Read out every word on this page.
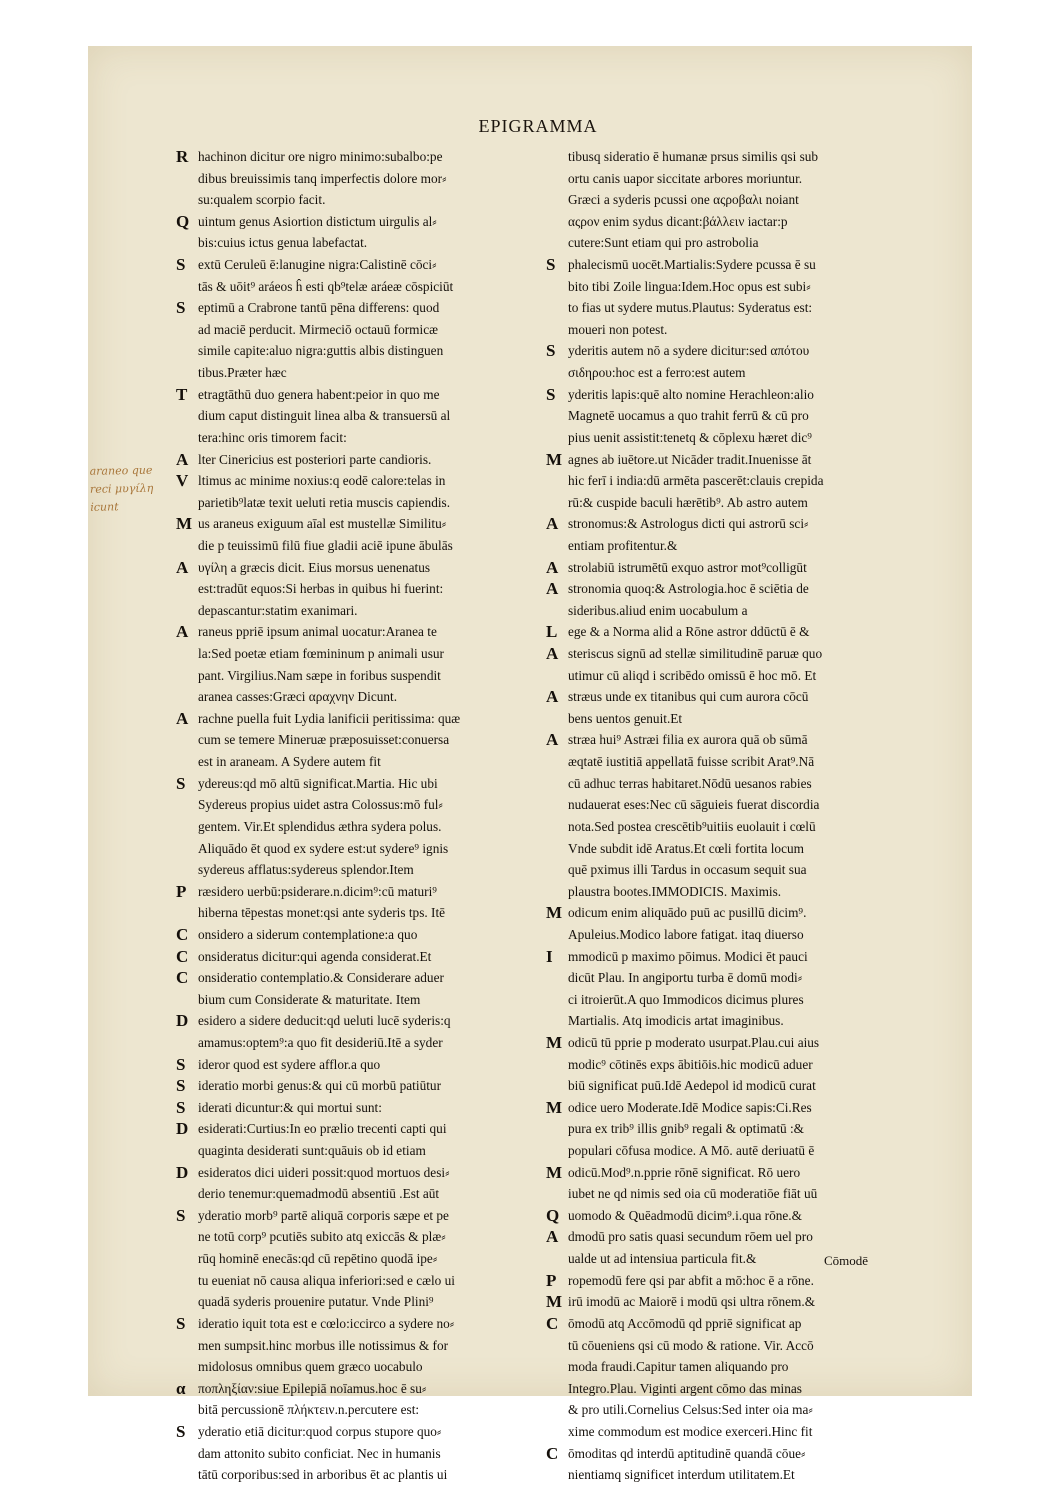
EPIGRAMMA
araneo que
reci μυγίλη
icunt
R hachinon dicitur ore nigro minimo:subalbo:pe
dibus breuissimis tanq imperfectis dolore mor⸗
su:qualem scorpio facit.
Q uintum genus Asiortion distictum uirgulis al⸗
bis:cuius ictus genua labefactat.
S extū Ceruleū ē:lanugine nigra:Calistinē cōci⸗
tās & uōit⁹ aráeos ĥ esti qb⁹telæ aráeæ cōspiciūt
S eptimū a Crabrone tantū pēna differens: quod
ad maciē perducit. Mirmeciō octauū formicæ
simile capite:aluo nigra:guttis albis distinguen
tibus.Præter hæc
T etragtāthū duo genera habent:peior in quo me
dium caput distinguit linea alba & transuersū al
tera:hinc oris timorem facit:
A lter Cinericius est posteriori parte candioris.
V ltimus ac minime noxius:q eodē calore:telas in
parietib⁹latæ texit ueluti retia muscis capiendis.
M us araneus exiguum aīal est mustellæ Similitu⸗
die p teuissimū filū fiue gladii aciē ipune ābulās
A υγίλη a græcis dicit. Eius morsus uenenatus
est:tradūt equos:Si herbas in quibus hi fuerint:
depascantur:statim exanimari.
A raneus ppriē ipsum animal uocatur:Aranea te
la:Sed poetæ etiam fœmininum p animali usur
pant. Virgilius.Nam sæpe in foribus suspendit
aranea casses:Græci αραχνην Dicunt.
A rachne puella fuit Lydia lanificii peritissima: quæ
cum se temere Mineruæ præposuisset:conuersa
est in araneam. A Sydere autem fit
S ydereus:qd mō altū significat.Martia. Hic ubi
Sydereus propius uidet astra Colossus:mō ful⸗
gentem. Vir.Et splendidus æthra sydera polus.
Aliquādo ēt quod ex sydere est:ut sydere⁹ ignis
sydereus afflatus:sydereus splendor.Item
P ræsidero uerbū:psiderare.n.dicim⁹:cū maturi⁹
hiberna tēpestas monet:qsi ante syderis tps. Itē
C onsidero a siderum contemplatione:a quo
C onsideratus dicitur:qui agenda considerat.Et
C onsideratio contemplatio.& Considerare aduer
bium cum Considerate & maturitate. Item
D esidero a sidere deducit:qd ueluti lucē syderis:q
amamus:optem⁹:a quo fit desideriū.Itē a syder
S ideror quod est sydere afflor.a quo
S ideratio morbi genus:& qui cū morbū patiūtur
S iderati dicuntur:& qui mortui sunt:
D esiderati:Curtius:In eo prælio trecenti capti qui
quaginta desiderati sunt:quāuis ob id etiam
D esideratos dici uideri possit:quod mortuos desi⸗
derio tenemur:quemadmodū absentiū .Est aūt
S yderatio morb⁹ partē aliquā corporis sæpe et pe
ne totū corp⁹ pcutiēs subito atq exiccās & plæ⸗
rūq hominē enecās:qd cū repētino quodā ipe⸗
tu eueniat nō causa aliqua inferiori:sed e cælo ui
quadā syderis prouenire putatur. Vnde Plini⁹
S ideratio iquit tota est e cœlo:iccirco a sydere no⸗
men sumpsit.hinc morbus ille notissimus & for
midolosus omnibus quem græco uocabulo
α ποπληξίαν:siue Epilepiā noīamus.hoc ē su⸗
bitā percussionē πλήκτειν.n.percutere est:
S yderatio etiā dicitur:quod corpus stupore quo⸗
dam attonito subito conficiat. Nec in humanis
tātū corporibus:sed in arboribus ēt ac plantis ui
tibusq sideratio ē humanæ prsus similis qsi sub
ortu canis uapor siccitate arbores moriuntur.
Græci a syderis pcussi one αςροβαλι noiant
αςρον enim sydus dicant:βάλλειν iactar:p
cutere:Sunt etiam qui pro astrobolia
S phalecismū uocēt.Martialis:Sydere pcussa ē su
bito tibi Zoile lingua:Idem.Hoc opus est subi⸗
to fias ut sydere mutus.Plautus: Syderatus est:
moueri non potest.
S yderitis autem nō a sydere dicitur:sed απότου
σιδηρου:hoc est a ferro:est autem
S yderitis lapis:quē alto nomine Herachleon:alio
Magnetē uocamus a quo trahit ferrū & cū pro
pius uenit assistit:tenetq & cōplexu hæret dic⁹
M agnes ab iuētore.ut Nicāder tradit.Inuenisse āt
hic ferī i india:dū armēta pascerēt:clauis crepida
rū:& cuspide baculi hærētib⁹. Ab astro autem
A stronomus:& Astrologus dicti qui astrorū sci⸗
entiam profitentur.&
A strolabiū istrumētū exquo astror mot⁹colligūt
A stronomia quoq:& Astrologia.hoc ē sciētia de
sideribus.aliud enim uocabulum a
L ege & a Norma alid a Rōne astror ddūctū ē &
A steriscus signū ad stellæ similitudinē paruæ quo
utimur cū aliqd i scribēdo omissū ē hoc mō. Et
A stræus unde ex titanibus qui cum aurora cōcū
bens uentos genuit.Et
A stræa hui⁹ Astræi filia ex aurora quā ob sūmā
æqtatē iustitiā appellatā fuisse scribit Arat⁹.Nā
cū adhuc terras habitaret.Nōdū uesanos rabies
nudauerat eses:Nec cū sāguieis fuerat discordia
nota.Sed postea crescētib⁹uitiis euolauit i cœlū
Vnde subdit idē Aratus.Et cœli fortita locum
quē pximus illi Tardus in occasum sequit sua
plaustra bootes.IMMODICIS. Maximis.
M odicum enim aliquādo puū ac pusillū dicim⁹.
Apuleius.Modico labore fatigat. itaq diuerso
I mmodicū p maximo pōimus. Modici ēt pauci
dicūt Plau. In angiportu turba ē domū modi⸗
ci itroierūt.A quo Immodicos dicimus plures
Martialis. Atq imodicis artat imaginibus.
M odicū tū pprie p moderato usurpat.Plau.cui aius
modic⁹ cōtinēs exps ābitiōis.hic modicū aduer
biū significat puū.Idē Aedepol id modicū curat
M odice uero Moderate.Idē Modice sapis:Ci.Res
pura ex trib⁹ illis gnib⁹ regali & optimatū :&
populari cōfusa modice. A Mō. autē deriuatū ē
M odicū.Mod⁹.n.pprie rōnē significat. Rō uero
iubet ne qd nimis sed oia cū moderatiōe fiāt uū
Q uomodo & Quēadmodū dicim⁹.i.qua rōne.&
A dmodū pro satis quasi secundum rōem uel pro
ualde ut ad intensiua particula fit.&
P ropemodū fere qsi par abfit a mō:hoc ē a rōne.
M irū imodū ac Maiorē i modū qsi ultra rōnem.&
C ōmodū atq Accōmodū qd ppriē significat ap
tū cōueniens qsi cū modo & ratione. Vir. Accō
moda fraudi.Capitur tamen aliquando pro
Integro.Plau. Viginti argent cōmo das minas
& pro utili.Cornelius Celsus:Sed inter oia ma⸗
xime commodum est modice exerceri.Hinc fit
C ōmoditas qd interdū aptitudinē quandā cōue⸗
nientiamq significet interdum utilitatem.Et
Cōmodē
